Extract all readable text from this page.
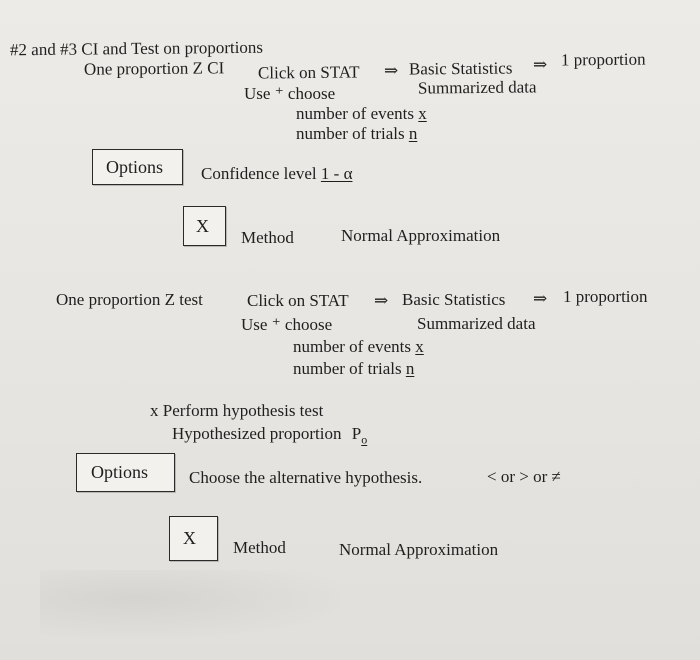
#2 and #3 CI and Test on proportions
One proportion Z CI Click on STAT ⇒ Basic Statistics ⇒ 1 proportion
Use ⁺ choose	Summarized data
number of events x
number of trials n
Options Confidence level 1 - α
X
Method	Normal Approximation
One proportion Z test	Click on STAT ⇒ Basic Statistics ⇒ 1 proportion
Use ⁺ choose	Summarized data
number of events x
number of trials n
x Perform hypothesis test
Hypothesized proportion $P_o$
Options Choose the alternative hypothesis.	< or > or ≠
X Method	Normal Approximation
